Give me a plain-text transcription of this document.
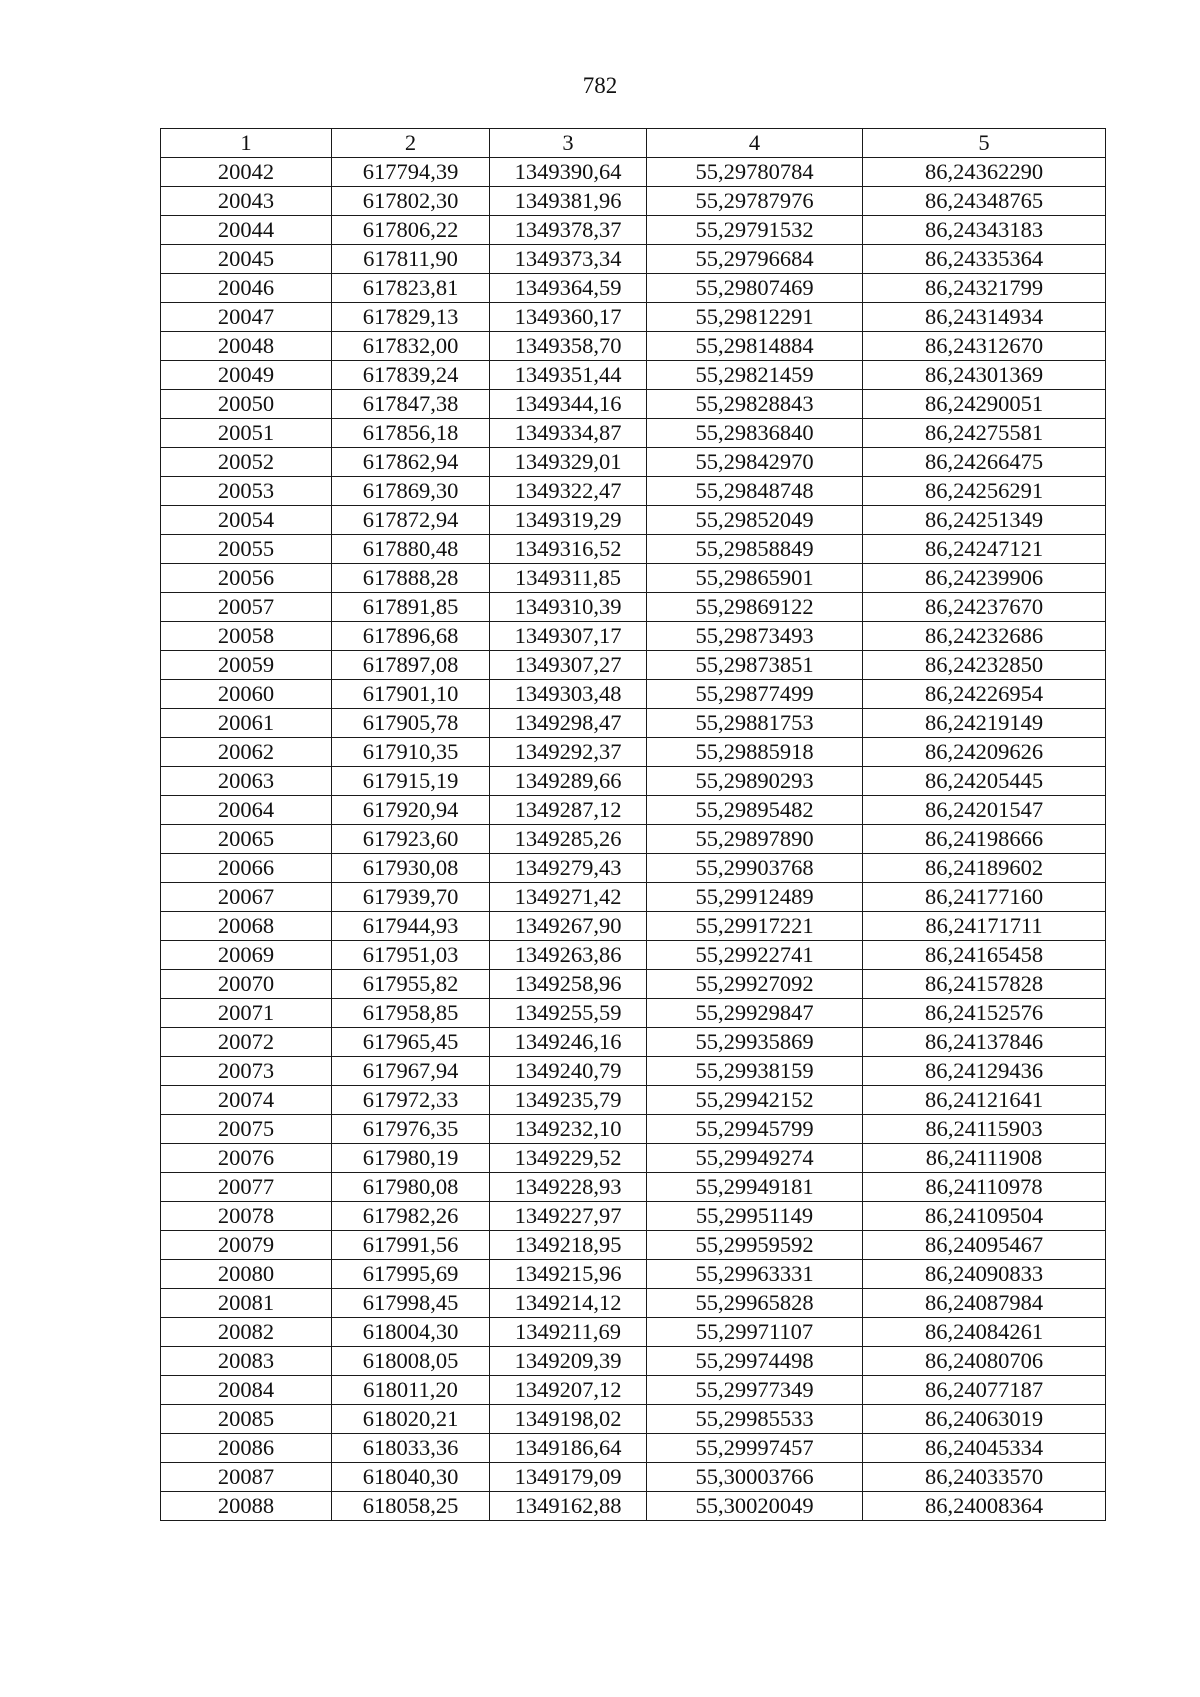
782
1	2	3	4	5
20042	617794,39	1349390,64	55,29780784	86,24362290
20043	617802,30	1349381,96	55,29787976	86,24348765
20044	617806,22	1349378,37	55,29791532	86,24343183
20045	617811,90	1349373,34	55,29796684	86,24335364
20046	617823,81	1349364,59	55,29807469	86,24321799
20047	617829,13	1349360,17	55,29812291	86,24314934
20048	617832,00	1349358,70	55,29814884	86,24312670
20049	617839,24	1349351,44	55,29821459	86,24301369
20050	617847,38	1349344,16	55,29828843	86,24290051
20051	617856,18	1349334,87	55,29836840	86,24275581
20052	617862,94	1349329,01	55,29842970	86,24266475
20053	617869,30	1349322,47	55,29848748	86,24256291
20054	617872,94	1349319,29	55,29852049	86,24251349
20055	617880,48	1349316,52	55,29858849	86,24247121
20056	617888,28	1349311,85	55,29865901	86,24239906
20057	617891,85	1349310,39	55,29869122	86,24237670
20058	617896,68	1349307,17	55,29873493	86,24232686
20059	617897,08	1349307,27	55,29873851	86,24232850
20060	617901,10	1349303,48	55,29877499	86,24226954
20061	617905,78	1349298,47	55,29881753	86,24219149
20062	617910,35	1349292,37	55,29885918	86,24209626
20063	617915,19	1349289,66	55,29890293	86,24205445
20064	617920,94	1349287,12	55,29895482	86,24201547
20065	617923,60	1349285,26	55,29897890	86,24198666
20066	617930,08	1349279,43	55,29903768	86,24189602
20067	617939,70	1349271,42	55,29912489	86,24177160
20068	617944,93	1349267,90	55,29917221	86,24171711
20069	617951,03	1349263,86	55,29922741	86,24165458
20070	617955,82	1349258,96	55,29927092	86,24157828
20071	617958,85	1349255,59	55,29929847	86,24152576
20072	617965,45	1349246,16	55,29935869	86,24137846
20073	617967,94	1349240,79	55,29938159	86,24129436
20074	617972,33	1349235,79	55,29942152	86,24121641
20075	617976,35	1349232,10	55,29945799	86,24115903
20076	617980,19	1349229,52	55,29949274	86,24111908
20077	617980,08	1349228,93	55,29949181	86,24110978
20078	617982,26	1349227,97	55,29951149	86,24109504
20079	617991,56	1349218,95	55,29959592	86,24095467
20080	617995,69	1349215,96	55,29963331	86,24090833
20081	617998,45	1349214,12	55,29965828	86,24087984
20082	618004,30	1349211,69	55,29971107	86,24084261
20083	618008,05	1349209,39	55,29974498	86,24080706
20084	618011,20	1349207,12	55,29977349	86,24077187
20085	618020,21	1349198,02	55,29985533	86,24063019
20086	618033,36	1349186,64	55,29997457	86,24045334
20087	618040,30	1349179,09	55,30003766	86,24033570
20088	618058,25	1349162,88	55,30020049	86,24008364
